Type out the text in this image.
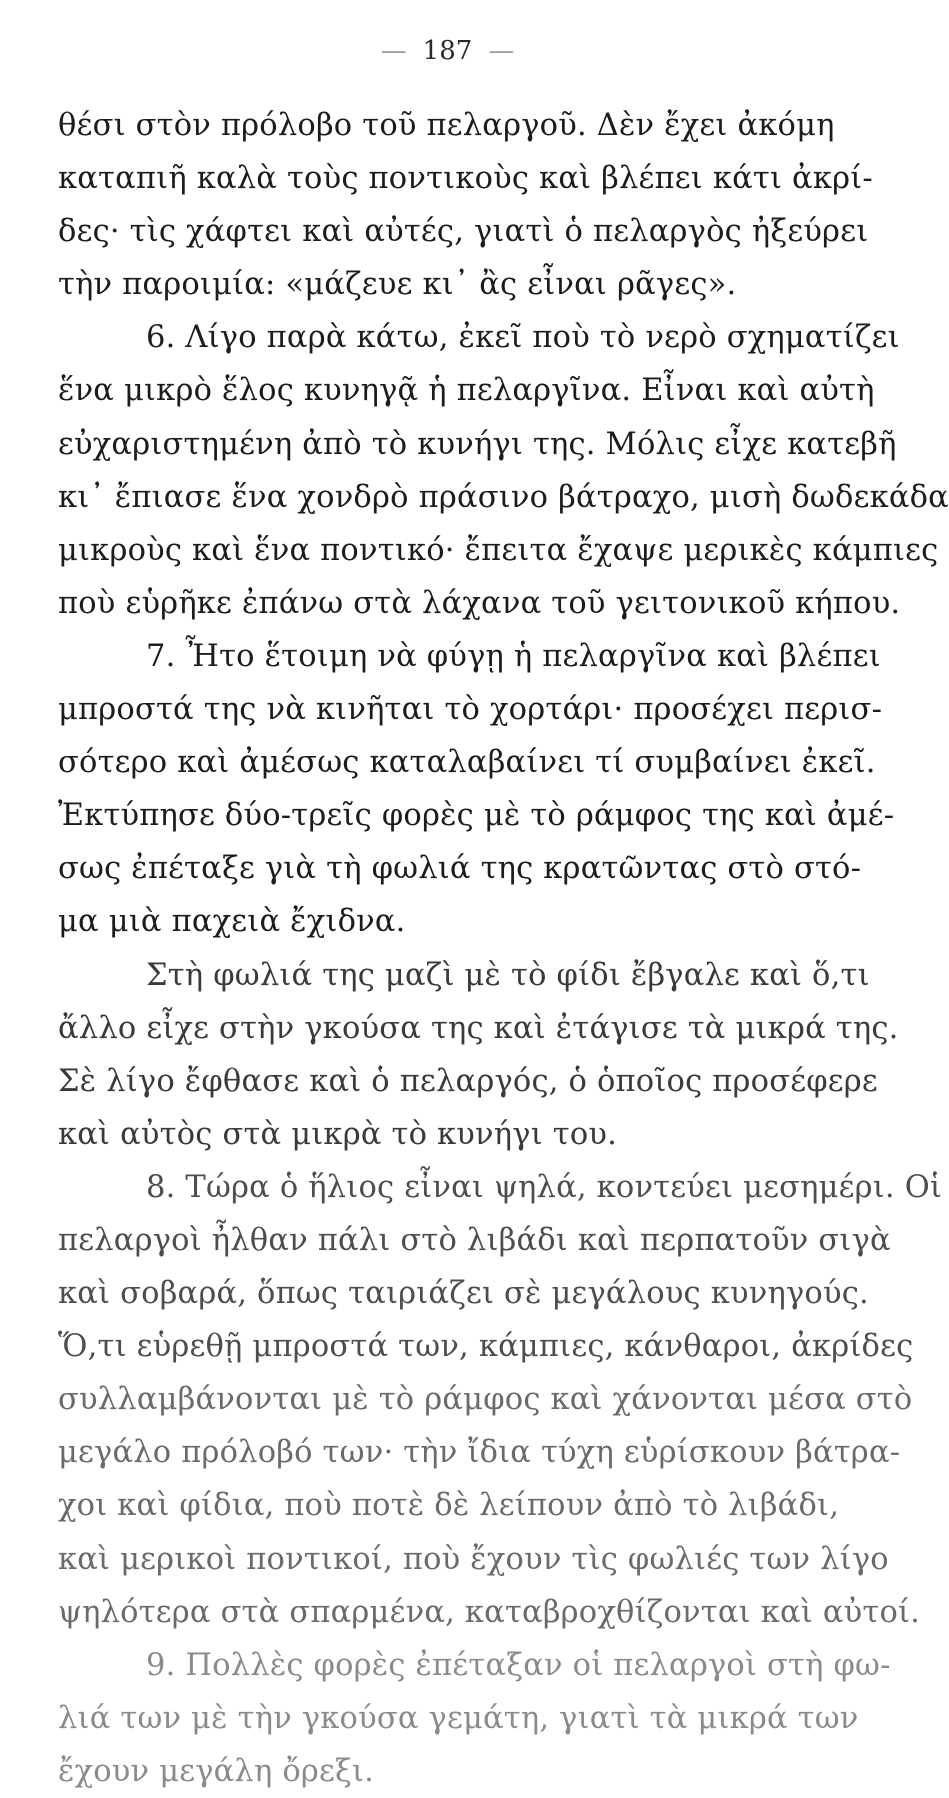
— 187 —
θέσι στὸν πρόλοβο τοῦ πελαργοῦ. Δὲν ἔχει ἀκόμη
καταπιῆ καλὰ τοὺς ποντικοὺς καὶ βλέπει κάτι ἀκρί-
δες· τὶς χάφτει καὶ αὐτές, γιατὶ ὁ πελαργὸς ἠξεύρει
τὴν παροιμία: «μάζευε κι᾽ ἂς εἶναι ρᾶγες».
6. Λίγο παρὰ κάτω, ἐκεῖ ποὺ τὸ νερὸ σχηματίζει
ἕνα μικρὸ ἕλος κυνηγᾷ ἡ πελαργῖνα. Εἶναι καὶ αὐτὴ
εὐχαριστημένη ἀπὸ τὸ κυνήγι της. Μόλις εἶχε κατεβῆ
κι᾽ ἔπιασε ἕνα χονδρὸ πράσινο βάτραχο, μισὴ δωδεκάδα
μικροὺς καὶ ἕνα ποντικό· ἔπειτα ἔχαψε μερικὲς κάμπιες
ποὺ εὑρῆκε ἐπάνω στὰ λάχανα τοῦ γειτονικοῦ κήπου.
7. Ἦτο ἕτοιμη νὰ φύγῃ ἡ πελαργῖνα καὶ βλέπει
μπροστά της νὰ κινῆται τὸ χορτάρι· προσέχει περισ-
σότερο καὶ ἀμέσως καταλαβαίνει τί συμβαίνει ἐκεῖ.
Ἐκτύπησε δύο-τρεῖς φορὲς μὲ τὸ ράμφος της καὶ ἀμέ-
σως ἐπέταξε γιὰ τὴ φωλιά της κρατῶντας στὸ στό-
μα μιὰ παχειὰ ἔχιδνα.
Στὴ φωλιά της μαζὶ μὲ τὸ φίδι ἔβγαλε καὶ ὅ,τι
ἄλλο εἶχε στὴν γκούσα της καὶ ἐτάγισε τὰ μικρά της.
Σὲ λίγο ἔφθασε καὶ ὁ πελαργός, ὁ ὁποῖος προσέφερε
καὶ αὐτὸς στὰ μικρὰ τὸ κυνήγι του.
8. Τώρα ὁ ἥλιος εἶναι ψηλά, κοντεύει μεσημέρι. Οἱ
πελαργοὶ ἦλθαν πάλι στὸ λιβάδι καὶ περπατοῦν σιγὰ
καὶ σοβαρά, ὅπως ταιριάζει σὲ μεγάλους κυνηγούς.
Ὅ,τι εὑρεθῇ μπροστά των, κάμπιες, κάνθαροι, ἀκρίδες
συλλαμβάνονται μὲ τὸ ράμφος καὶ χάνονται μέσα στὸ
μεγάλο πρόλοβό των· τὴν ἴδια τύχη εὑρίσκουν βάτρα-
χοι καὶ φίδια, ποὺ ποτὲ δὲ λείπουν ἀπὸ τὸ λιβάδι,
καὶ μερικοὶ ποντικοί, ποὺ ἔχουν τὶς φωλιές των λίγο
ψηλότερα στὰ σπαρμένα, καταβροχθίζονται καὶ αὐτοί.
9. Πολλὲς φορὲς ἐπέταξαν οἱ πελαργοὶ στὴ φω-
λιά των μὲ τὴν γκούσα γεμάτη, γιατὶ τὰ μικρά των
ἔχουν μεγάλη ὄρεξι.
